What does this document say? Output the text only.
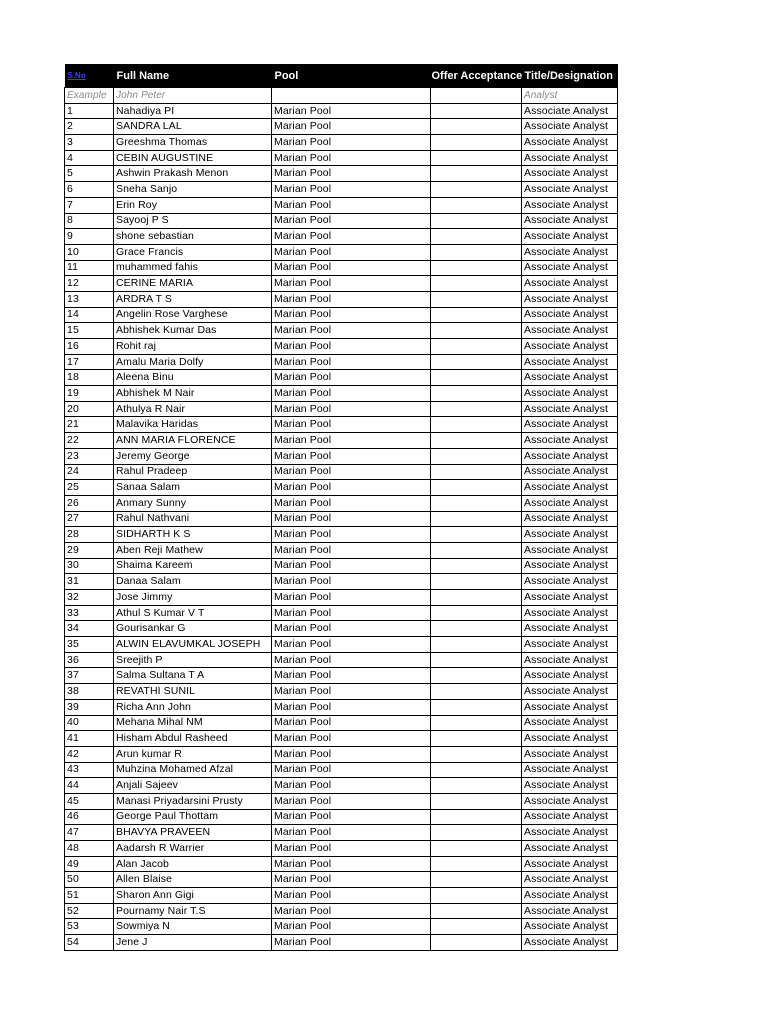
S.No	Full Name	Pool	Offer Acceptance	Title/Designation
Example	John Peter			Analyst
1	Nahadiya PI	Marian Pool		Associate Analyst
2	SANDRA LAL	Marian Pool		Associate Analyst
3	Greeshma Thomas	Marian Pool		Associate Analyst
4	CEBIN AUGUSTINE	Marian Pool		Associate Analyst
5	Ashwin Prakash Menon	Marian Pool		Associate Analyst
6	Sneha Sanjo	Marian Pool		Associate Analyst
7	Erin Roy	Marian Pool		Associate Analyst
8	Sayooj P S	Marian Pool		Associate Analyst
9	shone sebastian	Marian Pool		Associate Analyst
10	Grace Francis	Marian Pool		Associate Analyst
11	muhammed fahis	Marian Pool		Associate Analyst
12	CERINE MARIA	Marian Pool		Associate Analyst
13	ARDRA T S	Marian Pool		Associate Analyst
14	Angelin Rose Varghese	Marian Pool		Associate Analyst
15	Abhishek Kumar Das	Marian Pool		Associate Analyst
16	Rohit raj	Marian Pool		Associate Analyst
17	Amalu Maria Dolfy	Marian Pool		Associate Analyst
18	Aleena Binu	Marian Pool		Associate Analyst
19	Abhishek M Nair	Marian Pool		Associate Analyst
20	Athulya R Nair	Marian Pool		Associate Analyst
21	Malavika Haridas	Marian Pool		Associate Analyst
22	ANN MARIA FLORENCE	Marian Pool		Associate Analyst
23	Jeremy George	Marian Pool		Associate Analyst
24	Rahul Pradeep	Marian Pool		Associate Analyst
25	Sanaa Salam	Marian Pool		Associate Analyst
26	Anmary Sunny	Marian Pool		Associate Analyst
27	Rahul Nathvani	Marian Pool		Associate Analyst
28	SIDHARTH K S	Marian Pool		Associate Analyst
29	Aben Reji Mathew	Marian Pool		Associate Analyst
30	Shaima Kareem	Marian Pool		Associate Analyst
31	Danaa Salam	Marian Pool		Associate Analyst
32	Jose Jimmy	Marian Pool		Associate Analyst
33	Athul S Kumar V T	Marian Pool		Associate Analyst
34	Gourisankar G	Marian Pool		Associate Analyst
35	ALWIN ELAVUMKAL JOSEPH	Marian Pool		Associate Analyst
36	Sreejith P	Marian Pool		Associate Analyst
37	Salma Sultana T A	Marian Pool		Associate Analyst
38	REVATHI SUNIL	Marian Pool		Associate Analyst
39	Richa Ann John	Marian Pool		Associate Analyst
40	Mehana Mihal NM	Marian Pool		Associate Analyst
41	Hisham Abdul Rasheed	Marian Pool		Associate Analyst
42	Arun kumar R	Marian Pool		Associate Analyst
43	Muhzina Mohamed Afzal	Marian Pool		Associate Analyst
44	Anjali Sajeev	Marian Pool		Associate Analyst
45	Manasi Priyadarsini Prusty	Marian Pool		Associate Analyst
46	George Paul Thottam	Marian Pool		Associate Analyst
47	BHAVYA PRAVEEN	Marian Pool		Associate Analyst
48	Aadarsh R Warrier	Marian Pool		Associate Analyst
49	Alan Jacob	Marian Pool		Associate Analyst
50	Allen Blaise	Marian Pool		Associate Analyst
51	Sharon Ann Gigi	Marian Pool		Associate Analyst
52	Pournamy Nair T.S	Marian Pool		Associate Analyst
53	Sowmiya N	Marian Pool		Associate Analyst
54	Jene J	Marian Pool		Associate Analyst
